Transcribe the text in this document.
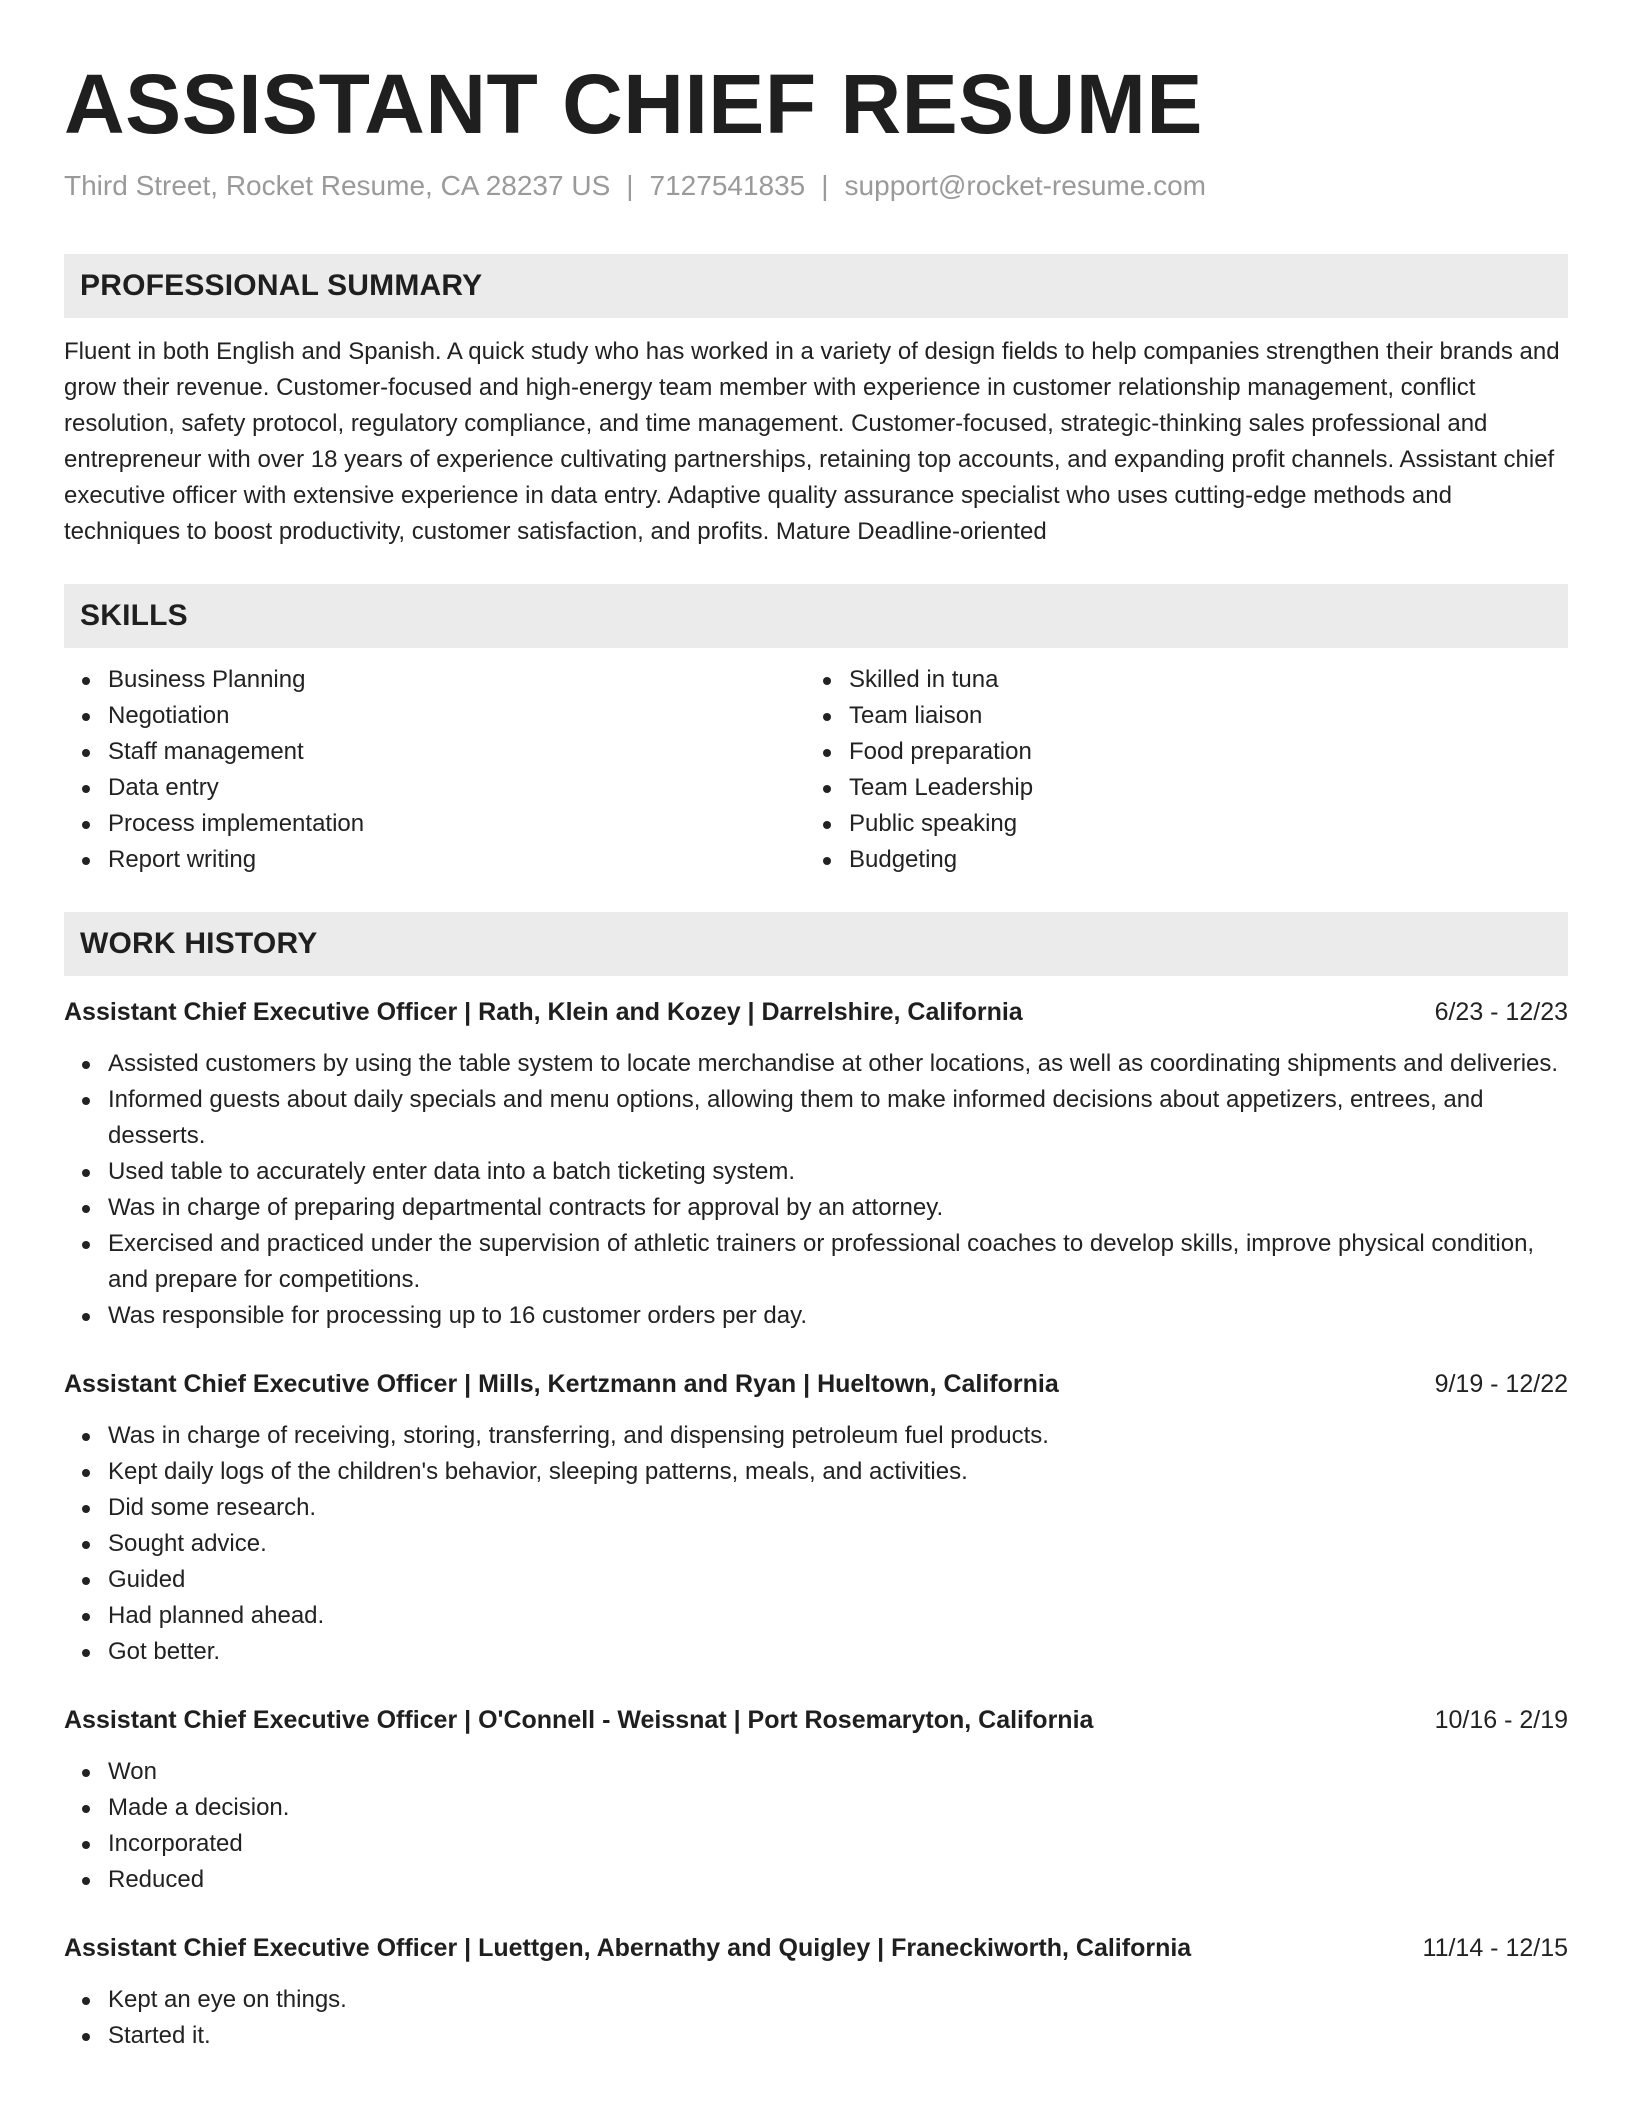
ASSISTANT CHIEF RESUME
Third Street, Rocket Resume, CA 28237 US | 7127541835 | support@rocket-resume.com
PROFESSIONAL SUMMARY

Fluent in both English and Spanish. A quick study who has worked in a variety of design fields to help companies strengthen their brands and grow their revenue. Customer-focused and high-energy team member with experience in customer relationship management, conflict resolution, safety protocol, regulatory compliance, and time management. Customer-focused, strategic-thinking sales professional and entrepreneur with over 18 years of experience cultivating partnerships, retaining top accounts, and expanding profit channels. Assistant chief executive officer with extensive experience in data entry. Adaptive quality assurance specialist who uses cutting-edge methods and techniques to boost productivity, customer satisfaction, and profits. Mature Deadline-oriented

SKILLS
Business Planning
Negotiation
Staff management
Data entry
Process implementation
Report writing
Skilled in tuna
Team liaison
Food preparation
Team Leadership
Public speaking
Budgeting
WORK HISTORY
Assistant Chief Executive Officer | Rath, Klein and Kozey | Darrelshire, California	6/23 - 12/23
Assisted customers by using the table system to locate merchandise at other locations, as well as coordinating shipments and deliveries.
Informed guests about daily specials and menu options, allowing them to make informed decisions about appetizers, entrees, and desserts.
Used table to accurately enter data into a batch ticketing system.
Was in charge of preparing departmental contracts for approval by an attorney.
Exercised and practiced under the supervision of athletic trainers or professional coaches to develop skills, improve physical condition, and prepare for competitions.
Was responsible for processing up to 16 customer orders per day.
Assistant Chief Executive Officer | Mills, Kertzmann and Ryan | Hueltown, California	9/19 - 12/22
Was in charge of receiving, storing, transferring, and dispensing petroleum fuel products.
Kept daily logs of the children's behavior, sleeping patterns, meals, and activities.
Did some research.
Sought advice.
Guided
Had planned ahead.
Got better.
Assistant Chief Executive Officer | O'Connell - Weissnat | Port Rosemaryton, California	10/16 - 2/19
Won
Made a decision.
Incorporated
Reduced
Assistant Chief Executive Officer | Luettgen, Abernathy and Quigley | Franeckiworth, California	11/14 - 12/15
Kept an eye on things.
Started it.
